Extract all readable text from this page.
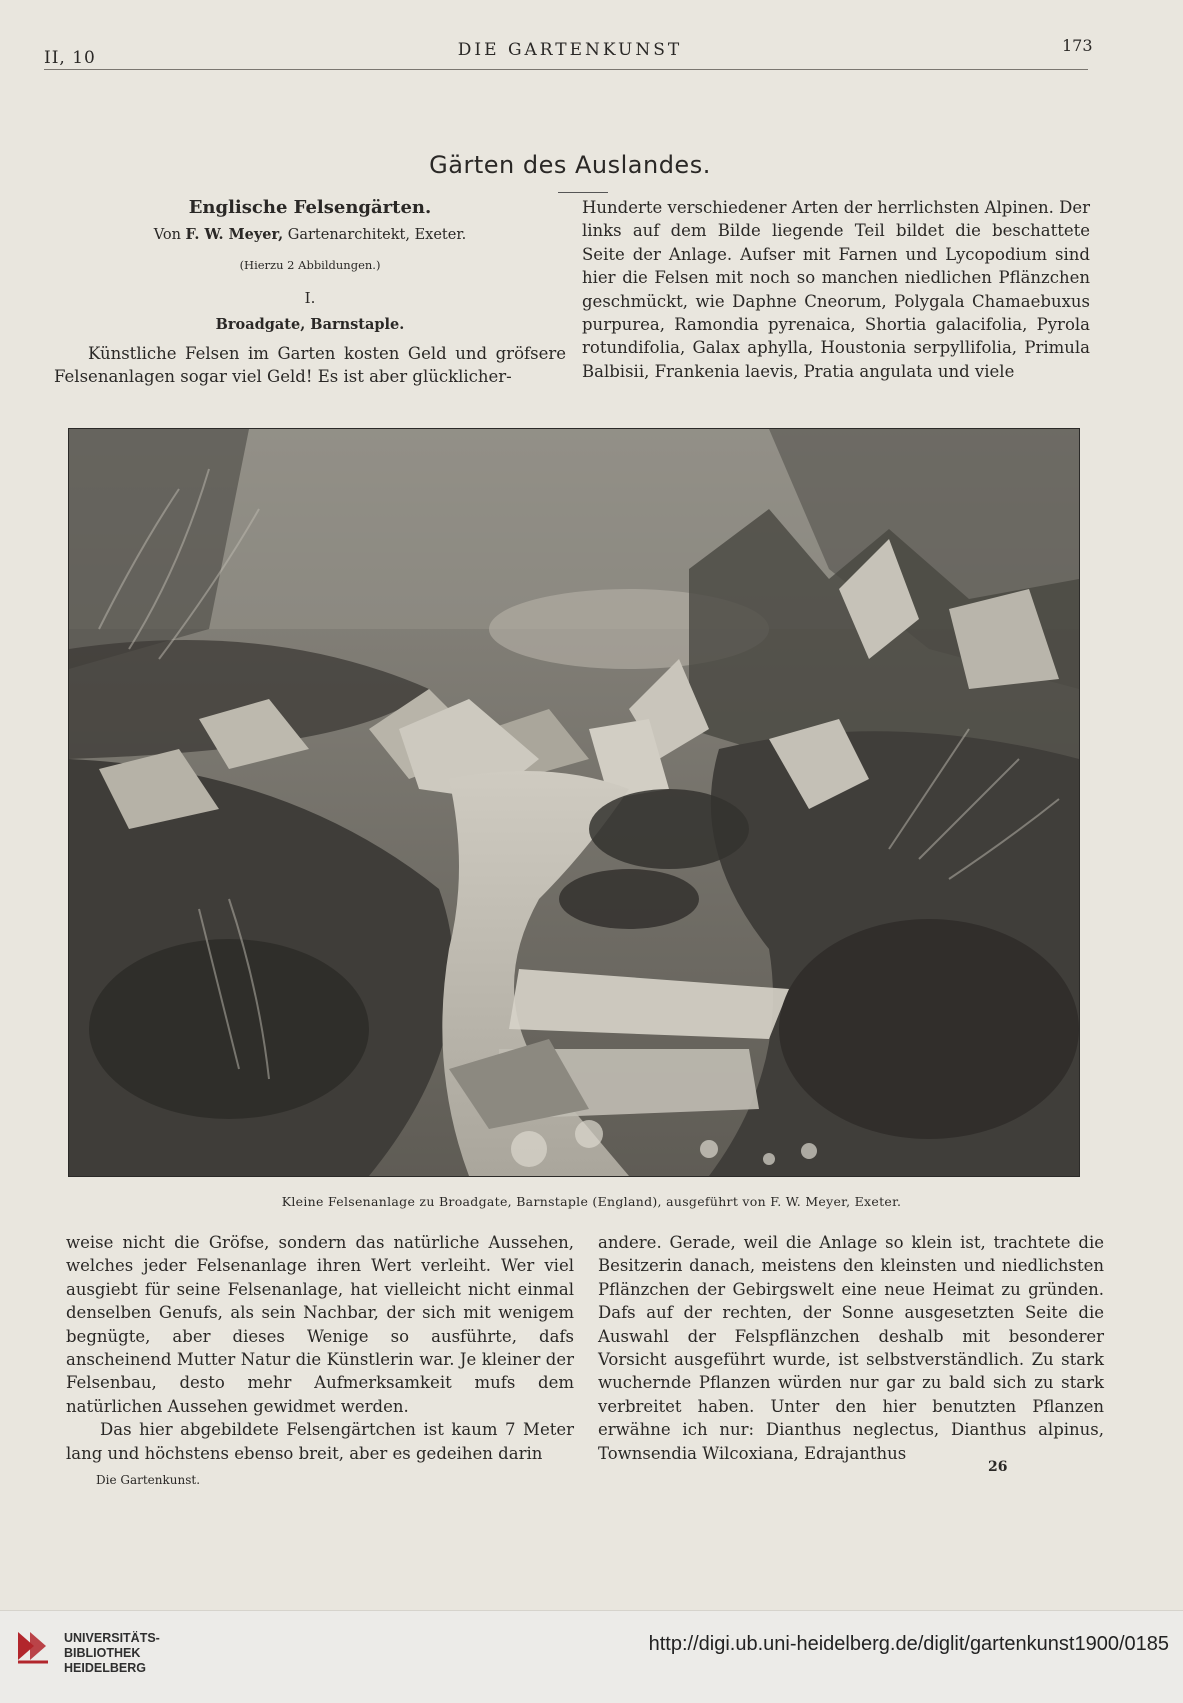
II, 10	DIE GARTENKUNST	173
Gärten des Auslandes.
Englische Felsengärten.
Von F. W. Meyer, Gartenarchitekt, Exeter.
(Hierzu 2 Abbildungen.)
I.
Broadgate, Barnstaple.

Künstliche Felsen im Garten kosten Geld und gröfsere Felsenanlagen sogar viel Geld! Es ist aber glücklicher-

Hunderte verschiedener Arten der herrlichsten Alpinen. Der links auf dem Bilde liegende Teil bildet die beschattete Seite der Anlage. Aufser mit Farnen und Lycopodium sind hier die Felsen mit noch so manchen niedlichen Pflänzchen geschmückt, wie Daphne Cneorum, Polygala Chamaebuxus purpurea, Ramondia pyrenaica, Shortia galacifolia, Pyrola rotundifolia, Galax aphylla, Houstonia serpyllifolia, Primula Balbisii, Frankenia laevis, Pratia angulata und viele

Kleine Felsenanlage zu Broadgate, Barnstaple (England), ausgeführt von F. W. Meyer, Exeter.

weise nicht die Gröfse, sondern das natürliche Aussehen, welches jeder Felsenanlage ihren Wert verleiht. Wer viel ausgiebt für seine Felsenanlage, hat vielleicht nicht einmal denselben Genufs, als sein Nachbar, der sich mit wenigem begnügte, aber dieses Wenige so ausführte, dafs anscheinend Mutter Natur die Künstlerin war. Je kleiner der Felsenbau, desto mehr Aufmerksamkeit mufs dem natürlichen Aussehen gewidmet werden.

Das hier abgebildete Felsengärtchen ist kaum 7 Meter lang und höchstens ebenso breit, aber es gedeihen darin

andere. Gerade, weil die Anlage so klein ist, trachtete die Besitzerin danach, meistens den kleinsten und niedlichsten Pflänzchen der Gebirgswelt eine neue Heimat zu gründen. Dafs auf der rechten, der Sonne ausgesetzten Seite die Auswahl der Felspflänzchen deshalb mit besonderer Vorsicht ausgeführt wurde, ist selbstverständlich. Zu stark wuchernde Pflanzen würden nur gar zu bald sich zu stark verbreitet haben. Unter den hier benutzten Pflanzen erwähne ich nur: Dianthus neglectus, Dianthus alpinus, Townsendia Wilcoxiana, Edrajanthus

Die Gartenkunst.
26
UNIVERSITÄTS-
BIBLIOTHEK
HEIDELBERG
http://digi.ub.uni-heidelberg.de/diglit/gartenkunst1900/0185
